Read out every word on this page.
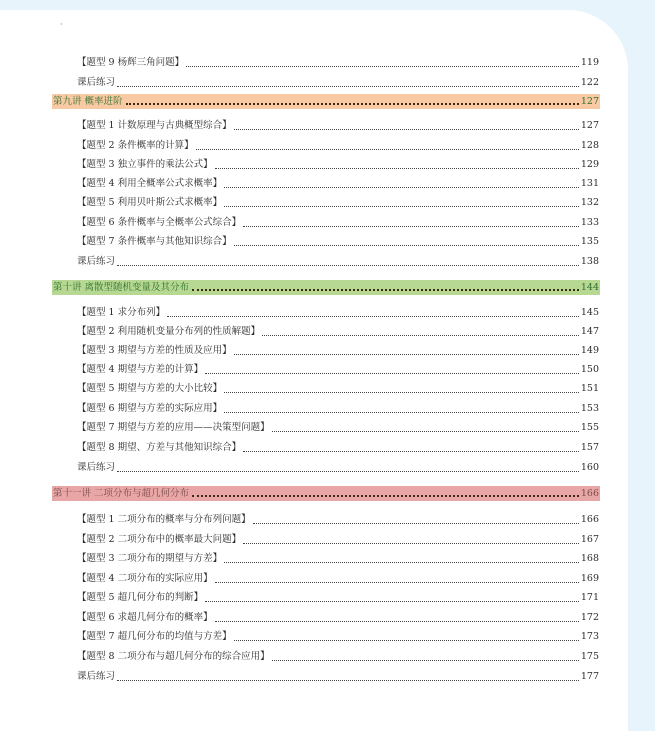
·
【题型 9 杨辉三角问题】	119
课后练习	122
第九讲 概率进阶	127
【题型 1 计数原理与古典概型综合】	127
【题型 2 条件概率的计算】	128
【题型 3 独立事件的乘法公式】	129
【题型 4 利用全概率公式求概率】	131
【题型 5 利用贝叶斯公式求概率】	132
【题型 6 条件概率与全概率公式综合】	133
【题型 7 条件概率与其他知识综合】	135
课后练习	138
第十讲 离散型随机变量及其分布	144
【题型 1 求分布列】	145
【题型 2 利用随机变量分布列的性质解题】	147
【题型 3 期望与方差的性质及应用】	149
【题型 4 期望与方差的计算】	150
【题型 5 期望与方差的大小比较】	151
【题型 6 期望与方差的实际应用】	153
【题型 7 期望与方差的应用——决策型问题】	155
【题型 8 期望、方差与其他知识综合】	157
课后练习	160
第十一讲 二项分布与超几何分布	166
【题型 1 二项分布的概率与分布列问题】	166
【题型 2 二项分布中的概率最大问题】	167
【题型 3 二项分布的期望与方差】	168
【题型 4 二项分布的实际应用】	169
【题型 5 超几何分布的判断】	171
【题型 6 求超几何分布的概率】	172
【题型 7 超几何分布的均值与方差】	173
【题型 8 二项分布与超几何分布的综合应用】	175
课后练习	177
